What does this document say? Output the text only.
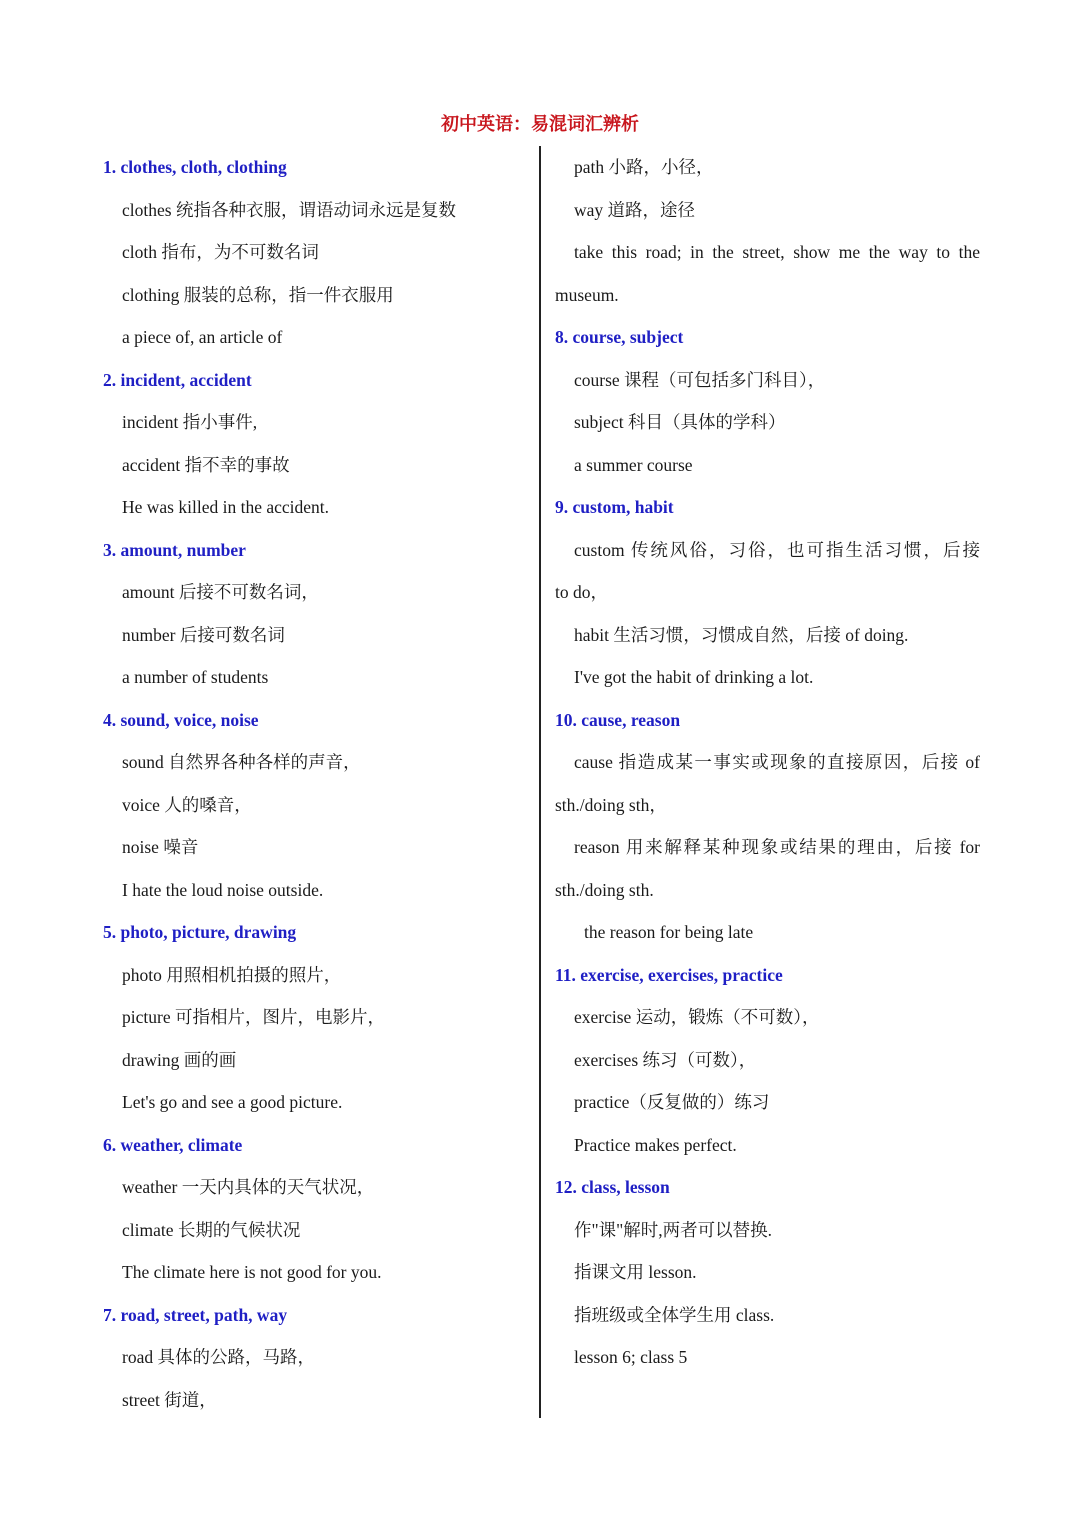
初中英语：易混词汇辨析
1. clothes, cloth, clothing
clothes 统指各种衣服，谓语动词永远是复数
cloth 指布，为不可数名词
clothing 服装的总称，指一件衣服用
a piece of, an article of
2. incident, accident
incident 指小事件,
accident 指不幸的事故
He was killed in the accident.
3. amount, number
amount 后接不可数名词，
number 后接可数名词
a number of students
4. sound, voice, noise
sound 自然界各种各样的声音，
voice 人的嗓音，
noise 噪音
I hate the loud noise outside.
5. photo, picture, drawing
photo 用照相机拍摄的照片，
picture 可指相片，图片，电影片，
drawing 画的画
Let's go and see a good picture.
6. weather, climate
weather 一天内具体的天气状况，
climate 长期的气候状况
The climate here is not good for you.
7. road, street, path, way
road 具体的公路，马路，
street 街道，
path 小路，小径，
way 道路，途径
take this road; in the street, show me the way to the
museum.
8. course, subject
course 课程（可包括多门科目），
subject 科目（具体的学科）
a summer course
9. custom, habit
custom 传统风俗，习俗，也可指生活习惯，后接
to do，
habit 生活习惯，习惯成自然，后接 of doing.
I've got the habit of drinking a lot.
10. cause, reason
cause 指造成某一事实或现象的直接原因，后接 of
sth./doing sth，
reason 用来解释某种现象或结果的理由，后接 for
sth./doing sth.
the reason for being late
11. exercise, exercises, practice
exercise 运动，锻炼（不可数），
exercises 练习（可数），
practice（反复做的）练习
Practice makes perfect.
12. class, lesson
作"课"解时,两者可以替换.
指课文用 lesson.
指班级或全体学生用 class.
lesson 6; class 5
